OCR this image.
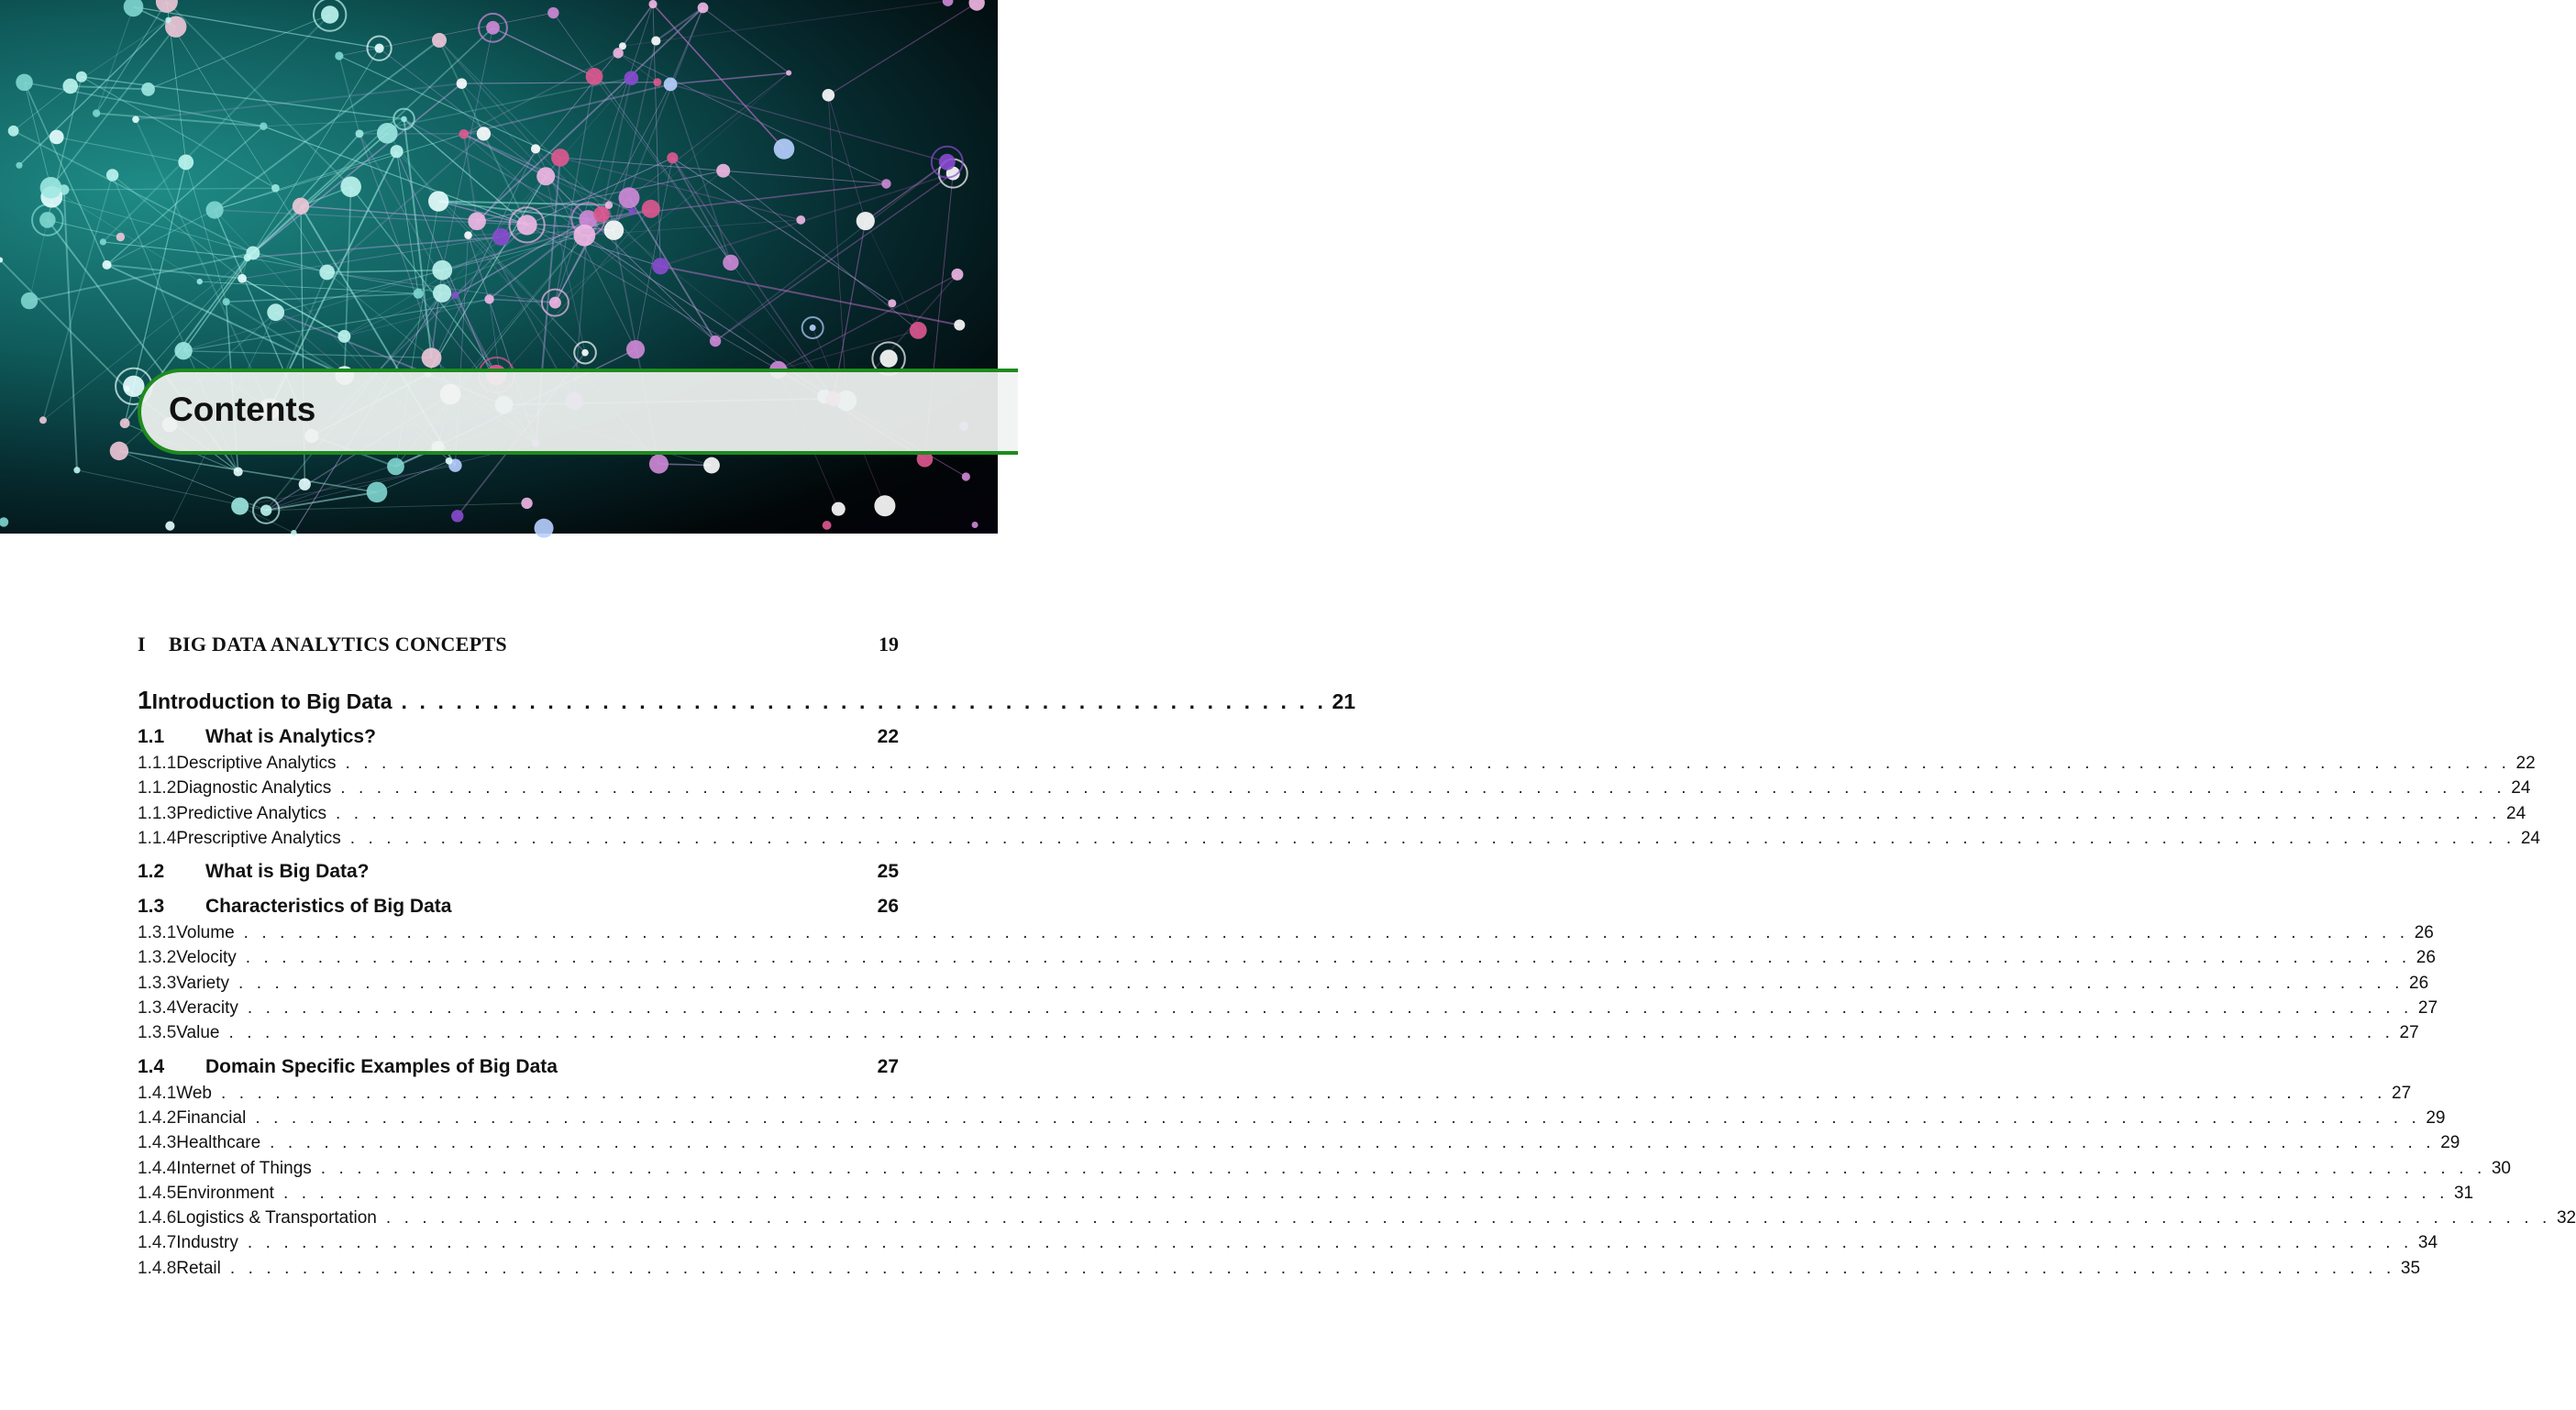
Contents
I	BIG DATA ANALYTICS CONCEPTS	19
1 Introduction to Big Data . . . . . . . . . . . . . . . . . . . . . . . . . . . . . . . . . . . . . . . . . . . . . . . . . . . 21
1.1	What is Analytics?	22
1.1.1 Descriptive Analytics . . . . . . . . . . . . . . . . . . . . . . . . . . . . . . . . . . . . . . . . . . . . . . . . . . . . . . . . . . . . . . . . . . . . . . . . . . . . . . . . . . . . . . . . . . . . . . . . . . . . . . . . . . . . . . . . . . . . . . . . 22
1.1.2 Diagnostic Analytics . . . . . . . . . . . . . . . . . . . . . . . . . . . . . . . . . . . . . . . . . . . . . . . . . . . . . . . . . . . . . . . . . . . . . . . . . . . . . . . . . . . . . . . . . . . . . . . . . . . . . . . . . . . . . . . . . . . . . . . . 24
1.1.3 Predictive Analytics . . . . . . . . . . . . . . . . . . . . . . . . . . . . . . . . . . . . . . . . . . . . . . . . . . . . . . . . . . . . . . . . . . . . . . . . . . . . . . . . . . . . . . . . . . . . . . . . . . . . . . . . . . . . . . . . . . . . . . . . 24
1.1.4 Prescriptive Analytics . . . . . . . . . . . . . . . . . . . . . . . . . . . . . . . . . . . . . . . . . . . . . . . . . . . . . . . . . . . . . . . . . . . . . . . . . . . . . . . . . . . . . . . . . . . . . . . . . . . . . . . . . . . . . . . . . . . . . . . . 24
1.2	What is Big Data?	25
1.3	Characteristics of Big Data	26
1.3.1 Volume . . . . . . . . . . . . . . . . . . . . . . . . . . . . . . . . . . . . . . . . . . . . . . . . . . . . . . . . . . . . . . . . . . . . . . . . . . . . . . . . . . . . . . . . . . . . . . . . . . . . . . . . . . . . . . . . . . . . . . . . 26
1.3.2 Velocity . . . . . . . . . . . . . . . . . . . . . . . . . . . . . . . . . . . . . . . . . . . . . . . . . . . . . . . . . . . . . . . . . . . . . . . . . . . . . . . . . . . . . . . . . . . . . . . . . . . . . . . . . . . . . . . . . . . . . . . . 26
1.3.3 Variety . . . . . . . . . . . . . . . . . . . . . . . . . . . . . . . . . . . . . . . . . . . . . . . . . . . . . . . . . . . . . . . . . . . . . . . . . . . . . . . . . . . . . . . . . . . . . . . . . . . . . . . . . . . . . . . . . . . . . . . . 26
1.3.4 Veracity . . . . . . . . . . . . . . . . . . . . . . . . . . . . . . . . . . . . . . . . . . . . . . . . . . . . . . . . . . . . . . . . . . . . . . . . . . . . . . . . . . . . . . . . . . . . . . . . . . . . . . . . . . . . . . . . . . . . . . . . 27
1.3.5 Value . . . . . . . . . . . . . . . . . . . . . . . . . . . . . . . . . . . . . . . . . . . . . . . . . . . . . . . . . . . . . . . . . . . . . . . . . . . . . . . . . . . . . . . . . . . . . . . . . . . . . . . . . . . . . . . . . . . . . . . . 27
1.4	Domain Specific Examples of Big Data	27
1.4.1 Web . . . . . . . . . . . . . . . . . . . . . . . . . . . . . . . . . . . . . . . . . . . . . . . . . . . . . . . . . . . . . . . . . . . . . . . . . . . . . . . . . . . . . . . . . . . . . . . . . . . . . . . . . . . . . . . . . . . . . . . . 27
1.4.2 Financial . . . . . . . . . . . . . . . . . . . . . . . . . . . . . . . . . . . . . . . . . . . . . . . . . . . . . . . . . . . . . . . . . . . . . . . . . . . . . . . . . . . . . . . . . . . . . . . . . . . . . . . . . . . . . . . . . . . . . . . . 29
1.4.3 Healthcare . . . . . . . . . . . . . . . . . . . . . . . . . . . . . . . . . . . . . . . . . . . . . . . . . . . . . . . . . . . . . . . . . . . . . . . . . . . . . . . . . . . . . . . . . . . . . . . . . . . . . . . . . . . . . . . . . . . . . . . . 29
1.4.4 Internet of Things . . . . . . . . . . . . . . . . . . . . . . . . . . . . . . . . . . . . . . . . . . . . . . . . . . . . . . . . . . . . . . . . . . . . . . . . . . . . . . . . . . . . . . . . . . . . . . . . . . . . . . . . . . . . . . . . . . . . . . . . 30
1.4.5 Environment . . . . . . . . . . . . . . . . . . . . . . . . . . . . . . . . . . . . . . . . . . . . . . . . . . . . . . . . . . . . . . . . . . . . . . . . . . . . . . . . . . . . . . . . . . . . . . . . . . . . . . . . . . . . . . . . . . . . . . . . 31
1.4.6 Logistics & Transportation . . . . . . . . . . . . . . . . . . . . . . . . . . . . . . . . . . . . . . . . . . . . . . . . . . . . . . . . . . . . . . . . . . . . . . . . . . . . . . . . . . . . . . . . . . . . . . . . . . . . . . . . . . . . . . . . . . . . . . . . 32
1.4.7 Industry . . . . . . . . . . . . . . . . . . . . . . . . . . . . . . . . . . . . . . . . . . . . . . . . . . . . . . . . . . . . . . . . . . . . . . . . . . . . . . . . . . . . . . . . . . . . . . . . . . . . . . . . . . . . . . . . . . . . . . . . 34
1.4.8 Retail . . . . . . . . . . . . . . . . . . . . . . . . . . . . . . . . . . . . . . . . . . . . . . . . . . . . . . . . . . . . . . . . . . . . . . . . . . . . . . . . . . . . . . . . . . . . . . . . . . . . . . . . . . . . . . . . . . . . . . . . 35
